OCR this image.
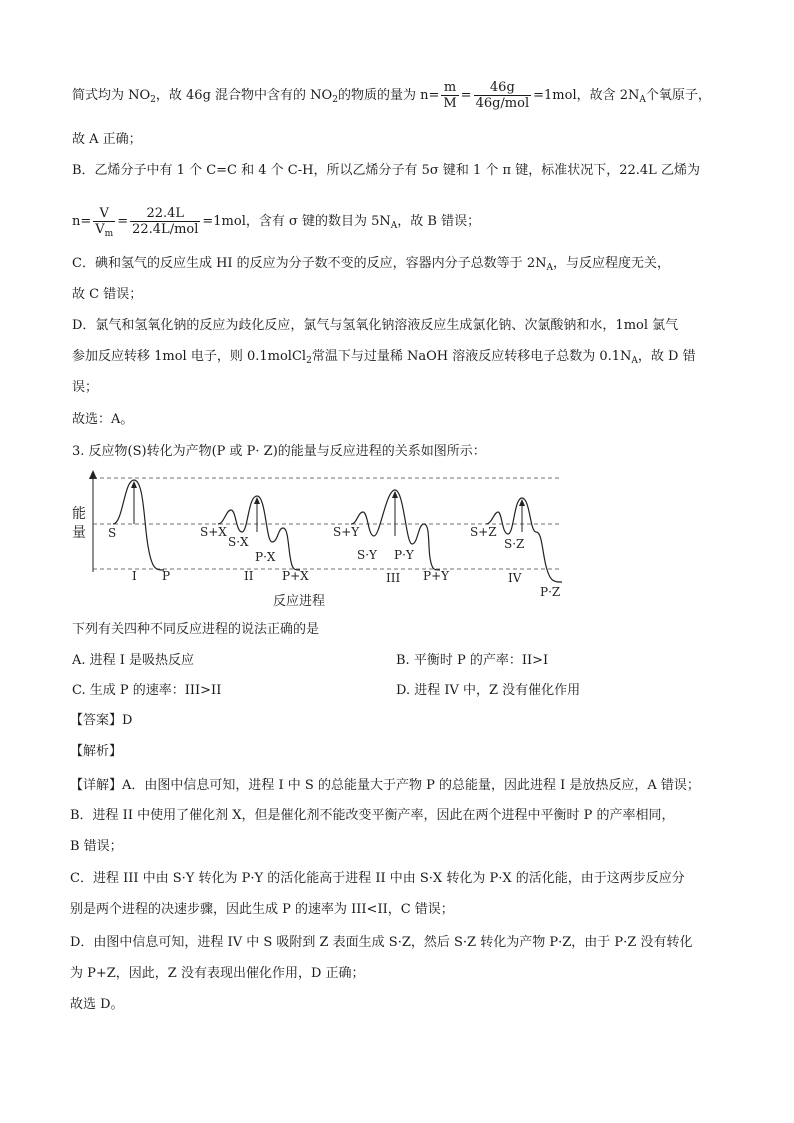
简式均为 $NO_2$，故 46g 混合物中含有的 $NO_2$的物质的量为 $n= \frac{m}{M} = \frac{46g}{\text{46g/mol}} =1mol$，故含 $2N_A$个氧原子，
故 A 正确；
B．乙烯分子中有 1 个 C=C 和 4 个 C-H，所以乙烯分子有 5σ 键和 1 个 π 键，标准状况下，22.4L 乙烯为
$n= \frac{V}{V_m} = \frac{22.4L}{\text{22.4L/mol}} =1mol$，含有 σ 键的数目为 $5N_A$，故 B 错误；
C．碘和氢气的反应生成 HI 的反应为分子数不变的反应，容器内分子总数等于 $2N_A$，与反应程度无关，
故 C 错误；
D．氯气和氢氧化钠的反应为歧化反应，氯气与氢氧化钠溶液反应生成氯化钠、次氯酸钠和水，1mol 氯气
参加反应转移 1mol 电子，则 0.1molCl$_2$常温下与过量稀 NaOH 溶液反应转移电子总数为 $0.1N_A$，故 D 错
误；
故选：A。
3. 反应物(S)转化为产物(P 或 P· Z)的能量与反应进程的关系如图所示：
能
量 S
I P
S+X
S·X
P·X
II P+X
S+Y
S·Y P·Y
III P+Y
S+Z
S·Z
IV
P·Z
反应进程
下列有关四种不同反应进程的说法正确的是
A. 进程 I 是吸热反应	B. 平衡时 P 的产率：II>I
C. 生成 P 的速率：III>II	D. 进程 IV 中，Z 没有催化作用
【答案】D
【解析】
【详解】A．由图中信息可知，进程 I 中 S 的总能量大于产物 P 的总能量，因此进程 I 是放热反应，A 错误；
B．进程 II 中使用了催化剂 X，但是催化剂不能改变平衡产率，因此在两个进程中平衡时 P 的产率相同，
B 错误；
C．进程 III 中由 S·Y 转化为 P·Y 的活化能高于进程 II 中由 S·X 转化为 P·X 的活化能，由于这两步反应分
别是两个进程的决速步骤，因此生成 P 的速率为 III<II，C 错误；
D．由图中信息可知，进程 IV 中 S 吸附到 Z 表面生成 S·Z，然后 S·Z 转化为产物 P·Z，由于 P·Z 没有转化
为 P+Z，因此，Z 没有表现出催化作用，D 正确；
故选 D。
